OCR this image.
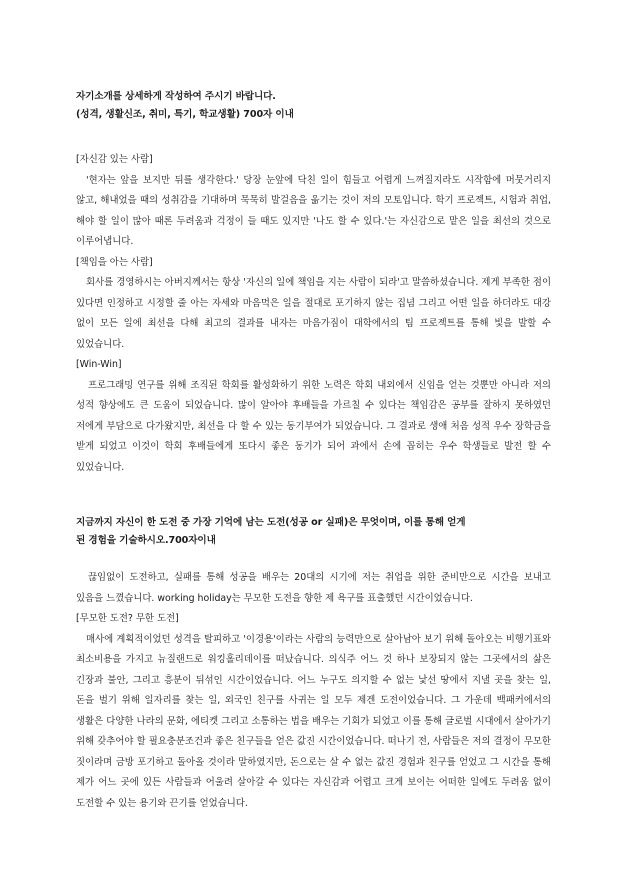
자기소개를 상세하게 작성하여 주시기 바랍니다.

(성격, 생활신조, 취미, 특기, 학교생활) 700자 이내

[자신감 있는 사람]

'현자는 앞을 보지만 뒤를 생각한다.' 당장 눈앞에 닥친 일이 힘들고 어렵게 느껴질지라도 시작함에 머뭇거리지 않고, 해내었을 때의 성취감을 기대하며 묵묵히 발걸음을 옮기는 것이 저의 모토입니다. 학기 프로젝트, 시험과 취업, 해야 할 일이 많아 때론 두려움과 걱정이 들 때도 있지만 '나도 할 수 있다.'는 자신감으로 맡은 일을 최선의 것으로 이루어냅니다.

[책임을 아는 사람]

회사를 경영하시는 아버지께서는 항상 '자신의 일에 책임을 지는 사람이 되라'고 말씀하셨습니다. 제게 부족한 점이 있다면 인정하고 시정할 줄 아는 자세와 마음먹은 일을 절대로 포기하지 않는 집념 그리고 어떤 일을 하더라도 대강 없이 모든 일에 최선을 다해 최고의 결과를 내자는 마음가짐이 대학에서의 팀 프로젝트를 통해 빛을 발할 수 있었습니다.

[Win-Win]

프로그래밍 연구를 위해 조직된 학회를 활성화하기 위한 노력은 학회 내외에서 신임을 얻는 것뿐만 아니라 저의 성적 향상에도 큰 도움이 되었습니다. 많이 알아야 후배들을 가르칠 수 있다는 책임감은 공부를 잘하지 못하였던 저에게 부담으로 다가왔지만, 최선을 다 할 수 있는 동기부여가 되었습니다. 그 결과로 생애 처음 성적 우수 장학금을 받게 되었고 이것이 학회 후배들에게 또다시 좋은 동기가 되어 과에서 손에 꼽히는 우수 학생들로 발전 할 수 있었습니다.

지금까지 자신이 한 도전 중 가장 기억에 남는 도전(성공 or 실패)은 무엇이며, 이를 통해 얻게

된 경험을 기술하시오.700자이내

끊임없이 도전하고, 실패를 통해 성공을 배우는 20대의 시기에 저는 취업을 위한 준비만으로 시간을 보내고 있음을 느꼈습니다. working holiday는 무모한 도전을 향한 제 욕구를 표출했던 시간이었습니다.

[무모한 도전? 무한 도전]

매사에 계획적이었던 성격을 탈피하고 '이경용'이라는 사람의 능력만으로 살아남아 보기 위해 돌아오는 비행기표와 최소비용을 가지고 뉴질랜드로 워킹홀리데이를 떠났습니다. 의식주 어느 것 하나 보장되지 않는 그곳에서의 삶은 긴장과 불안, 그리고 흥분이 뒤섞인 시간이었습니다. 어느 누구도 의지할 수 없는 낯선 땅에서 지낼 곳을 찾는 일, 돈을 벌기 위해 일자리를 찾는 일, 외국인 친구를 사귀는 일 모두 제겐 도전이었습니다. 그 가운데 백패커에서의 생활은 다양한 나라의 문화, 에티켓 그리고 소통하는 법을 배우는 기회가 되었고 이를 통해 글로벌 시대에서 살아가기 위해 갖추어야 할 필요충분조건과 좋은 친구들을 얻은 값진 시간이었습니다. 떠나기 전, 사람들은 저의 결정이 무모한 짓이라며 금방 포기하고 돌아올 것이라 말하였지만, 돈으로는 살 수 없는 값진 경험과 친구를 얻었고 그 시간을 통해 제가 어느 곳에 있든 사람들과 어울려 살아갈 수 있다는 자신감과 어렵고 크게 보이는 어떠한 일에도 두려움 없이 도전할 수 있는 용기와 끈기를 얻었습니다.
